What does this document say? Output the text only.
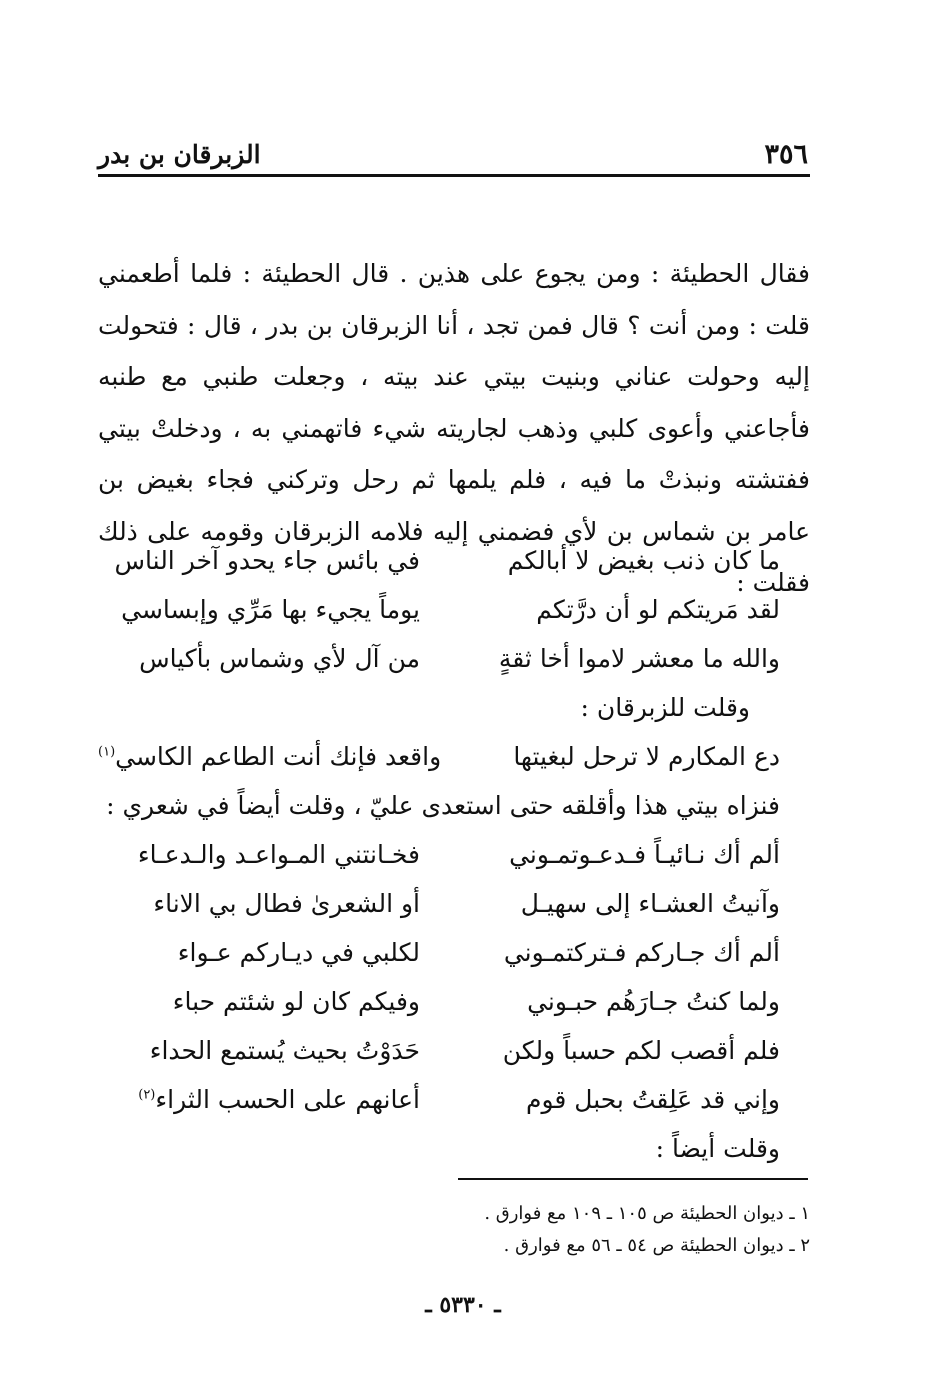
٣٥٦
الزبرقان بن بدر

فقال الحطيئة : ومن يجوع على هذين . قال الحطيئة : فلما أطعمني قلت : ومن أنت ؟ قال فمن تجد ، أنا الزبرقان بن بدر ، قال : فتحولت إليه وحولت عناني وبنيت بيتي عند بيته ، وجعلت طنبي مع طنبه فأجاعني وأعوى كلبي وذهب لجاريته شيء فاتهمني به ، ودخلتْ بيتي ففتشته ونبذتْ ما فيه ، فلم يلمها ثم رحل وتركني فجاء بغيض بن عامر بن شماس بن لأي فضمني إليه فلامه الزبرقان وقومه على ذلك فقلت :

ما كان ذنب بغيض لا أبالكم
في بائس جاء يحدو آخر الناس
لقد مَريتكم لو أن درَّتكم
يوماً يجيء بها مَرِّي وإبساسي
والله ما معشر لاموا أخا ثقةٍ
من آل لأي وشماس بأكياس
وقلت للزبرقان :
دع المكارم لا ترحل لبغيتها
واقعد فإنك أنت الطاعم الكاسي$^{(١)}$
فنزاه بيتي هذا وأقلقه حتى استعدى عليّ ، وقلت أيضاً في شعري :
ألم أك نـائيـاً فـدعـوتمـوني
فخـانتني المـواعـد والـدعـاء
وآنيتُ العشـاء إلى سهيـل
أو الشعرىٰ فطال بي الاناء
ألم أك جـاركم فـتركتمـوني
لكلبي في ديـاركم عـواء
ولما كنتُ جـارَهُم حبـوني
وفيكم كان لو شئتم حباء
فلم أقصب لكم حسباً ولكن
حَدَوْتُ بحيث يُستمع الحداء
وإني قد عَلِقتُ بحبل قوم
أعانهم على الحسب الثراء$^{(٢)}$
وقلت أيضاً :
١ ـ ديوان الحطيئة ص ١٠٥ ـ ١٠٩ مع فوارق .
٢ ـ ديوان الحطيئة ص ٥٤ ـ ٥٦ مع فوارق .
ـ ٥٣٣٠ ـ
